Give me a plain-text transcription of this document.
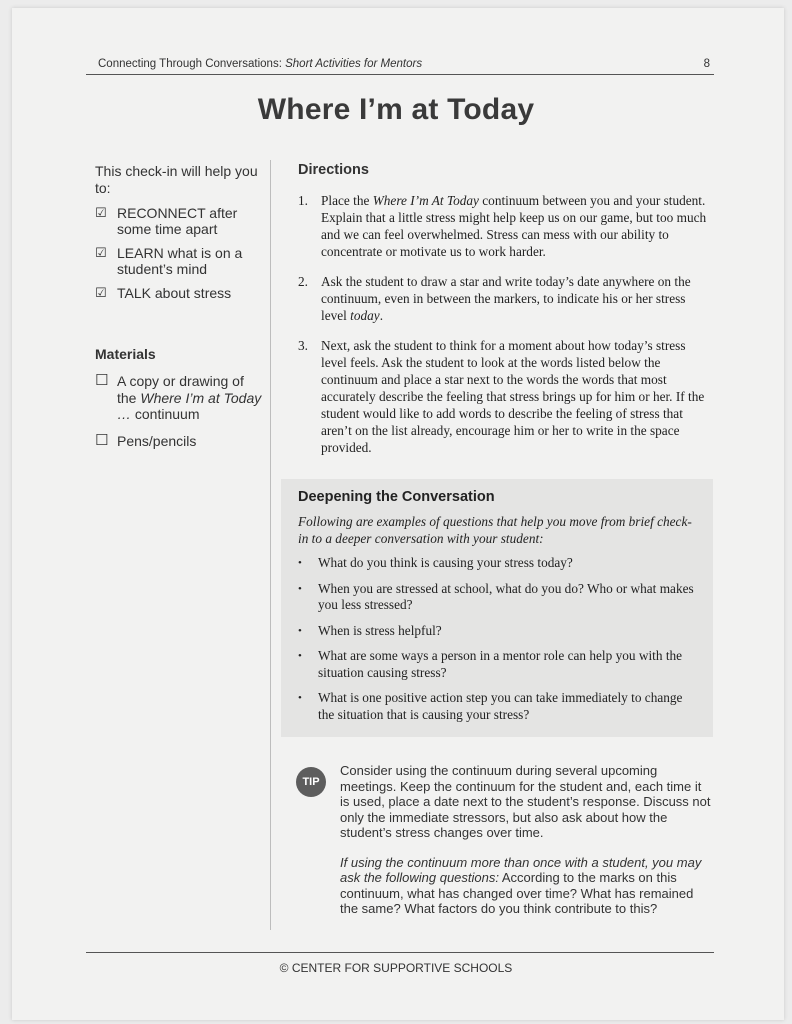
Connecting Through Conversations: Short Activities for Mentors	8
Where I’m at Today
This check-in will help you to:
☑ RECONNECT after some time apart
☑ LEARN what is on a student’s mind
☑ TALK about stress
Materials
☐ A copy or drawing of the Where I’m at Today … continuum
☐ Pens/pencils
Directions
1. Place the Where I’m At Today continuum between you and your student. Explain that a little stress might help keep us on our game, but too much and we can feel overwhelmed. Stress can mess with our ability to concentrate or motivate us to work harder.
2. Ask the student to draw a star and write today’s date anywhere on the continuum, even in between the markers, to indicate his or her stress level today.
3. Next, ask the student to think for a moment about how today’s stress level feels. Ask the student to look at the words listed below the continuum and place a star next to the words the words that most accurately describe the feeling that stress brings up for him or her. If the student would like to add words to describe the feeling of stress that aren’t on the list already, encourage him or her to write in the space provided.
Deepening the Conversation
Following are examples of questions that help you move from brief check-in to a deeper conversation with your student:
• What do you think is causing your stress today?
• When you are stressed at school, what do you do? Who or what makes you less stressed?
• When is stress helpful?
• What are some ways a person in a mentor role can help you with the situation causing stress?
• What is one positive action step you can take immediately to change the situation that is causing your stress?
TIP

Consider using the continuum during several upcoming meetings. Keep the continuum for the student and, each time it is used, place a date next to the student’s response. Discuss not only the immediate stressors, but also ask about how the student’s stress changes over time.

If using the continuum more than once with a student, you may ask the following questions: According to the marks on this continuum, what has changed over time? What has remained the same? What factors do you think contribute to this?

© CENTER FOR SUPPORTIVE SCHOOLS
